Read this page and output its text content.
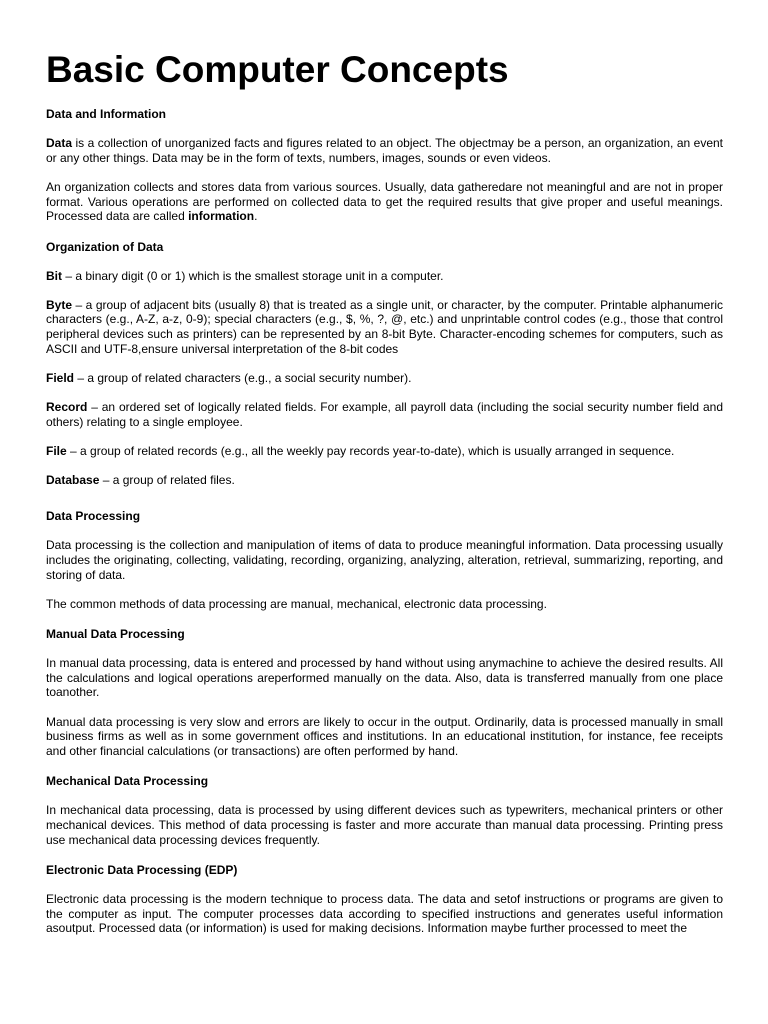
Basic Computer Concepts
Data and Information

Data is a collection of unorganized facts and figures related to an object. The objectmay be a person, an organization, an event or any other things. Data may be in the form of texts, numbers, images, sounds or even videos.

An organization collects and stores data from various sources. Usually, data gatheredare not meaningful and are not in proper format. Various operations are performed on collected data to get the required results that give proper and useful meanings. Processed data are called information.

Organization of Data

Bit – a binary digit (0 or 1) which is the smallest storage unit in a computer.

Byte – a group of adjacent bits (usually 8) that is treated as a single unit, or character, by the computer. Printable alphanumeric characters (e.g., A-Z, a-z, 0-9); special characters (e.g., $, %, ?, @, etc.) and unprintable control codes (e.g., those that control peripheral devices such as printers) can be represented by an 8-bit Byte. Character-encoding schemes for computers, such as ASCII and UTF-8,ensure universal interpretation of the 8-bit codes

Field – a group of related characters (e.g., a social security number).

Record – an ordered set of logically related fields. For example, all payroll data (including the social security number field and others) relating to a single employee.

File – a group of related records (e.g., all the weekly pay records year-to-date), which is usually arranged in sequence.

Database – a group of related files.

Data Processing

Data processing is the collection and manipulation of items of data to produce meaningful information. Data processing usually includes the originating, collecting, validating, recording, organizing, analyzing, alteration, retrieval, summarizing, reporting, and storing of data.

The common methods of data processing are manual, mechanical, electronic data processing.

Manual Data Processing

In manual data processing, data is entered and processed by hand without using anymachine to achieve the desired results. All the calculations and logical operations areperformed manually on the data. Also, data is transferred manually from one place toanother.

Manual data processing is very slow and errors are likely to occur in the output. Ordinarily, data is processed manually in small business firms as well as in some government offices and institutions. In an educational institution, for instance, fee receipts and other financial calculations (or transactions) are often performed by hand.

Mechanical Data Processing

In mechanical data processing, data is processed by using different devices such as typewriters, mechanical printers or other mechanical devices. This method of data processing is faster and more accurate than manual data processing. Printing press use mechanical data processing devices frequently.

Electronic Data Processing (EDP)

Electronic data processing is the modern technique to process data. The data and setof instructions or programs are given to the computer as input. The computer processes data according to specified instructions and generates useful information asoutput. Processed data (or information) is used for making decisions. Information maybe further processed to meet the
